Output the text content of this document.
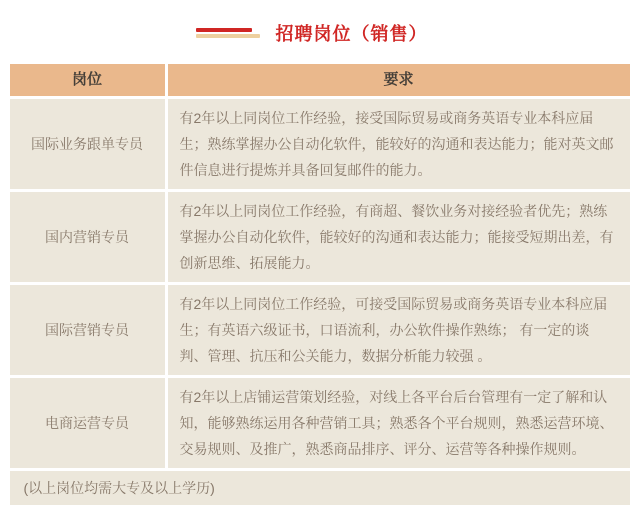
招聘岗位（销售）
岗位	要求
国际业务跟单专员
有2年以上同岗位工作经验，接受国际贸易或商务英语专业本科应届生；熟练掌握办公自动化软件，能较好的沟通和表达能力；能对英文邮件信息进行提炼并具备回复邮件的能力。
国内营销专员
有2年以上同岗位工作经验，有商超、餐饮业务对接经验者优先；熟练掌握办公自动化软件，能较好的沟通和表达能力；能接受短期出差，有创新思维、拓展能力。
国际营销专员
有2年以上同岗位工作经验，可接受国际贸易或商务英语专业本科应届生；有英语六级证书，口语流利，办公软件操作熟练； 有一定的谈判、管理、抗压和公关能力，数据分析能力较强 。
电商运营专员
有2年以上店铺运营策划经验，对线上各平台后台管理有一定了解和认知，能够熟练运用各种营销工具；熟悉各个平台规则，熟悉运营环境、交易规则、及推广，熟悉商品排序、评分、运营等各种操作规则。
(以上岗位均需大专及以上学历)
